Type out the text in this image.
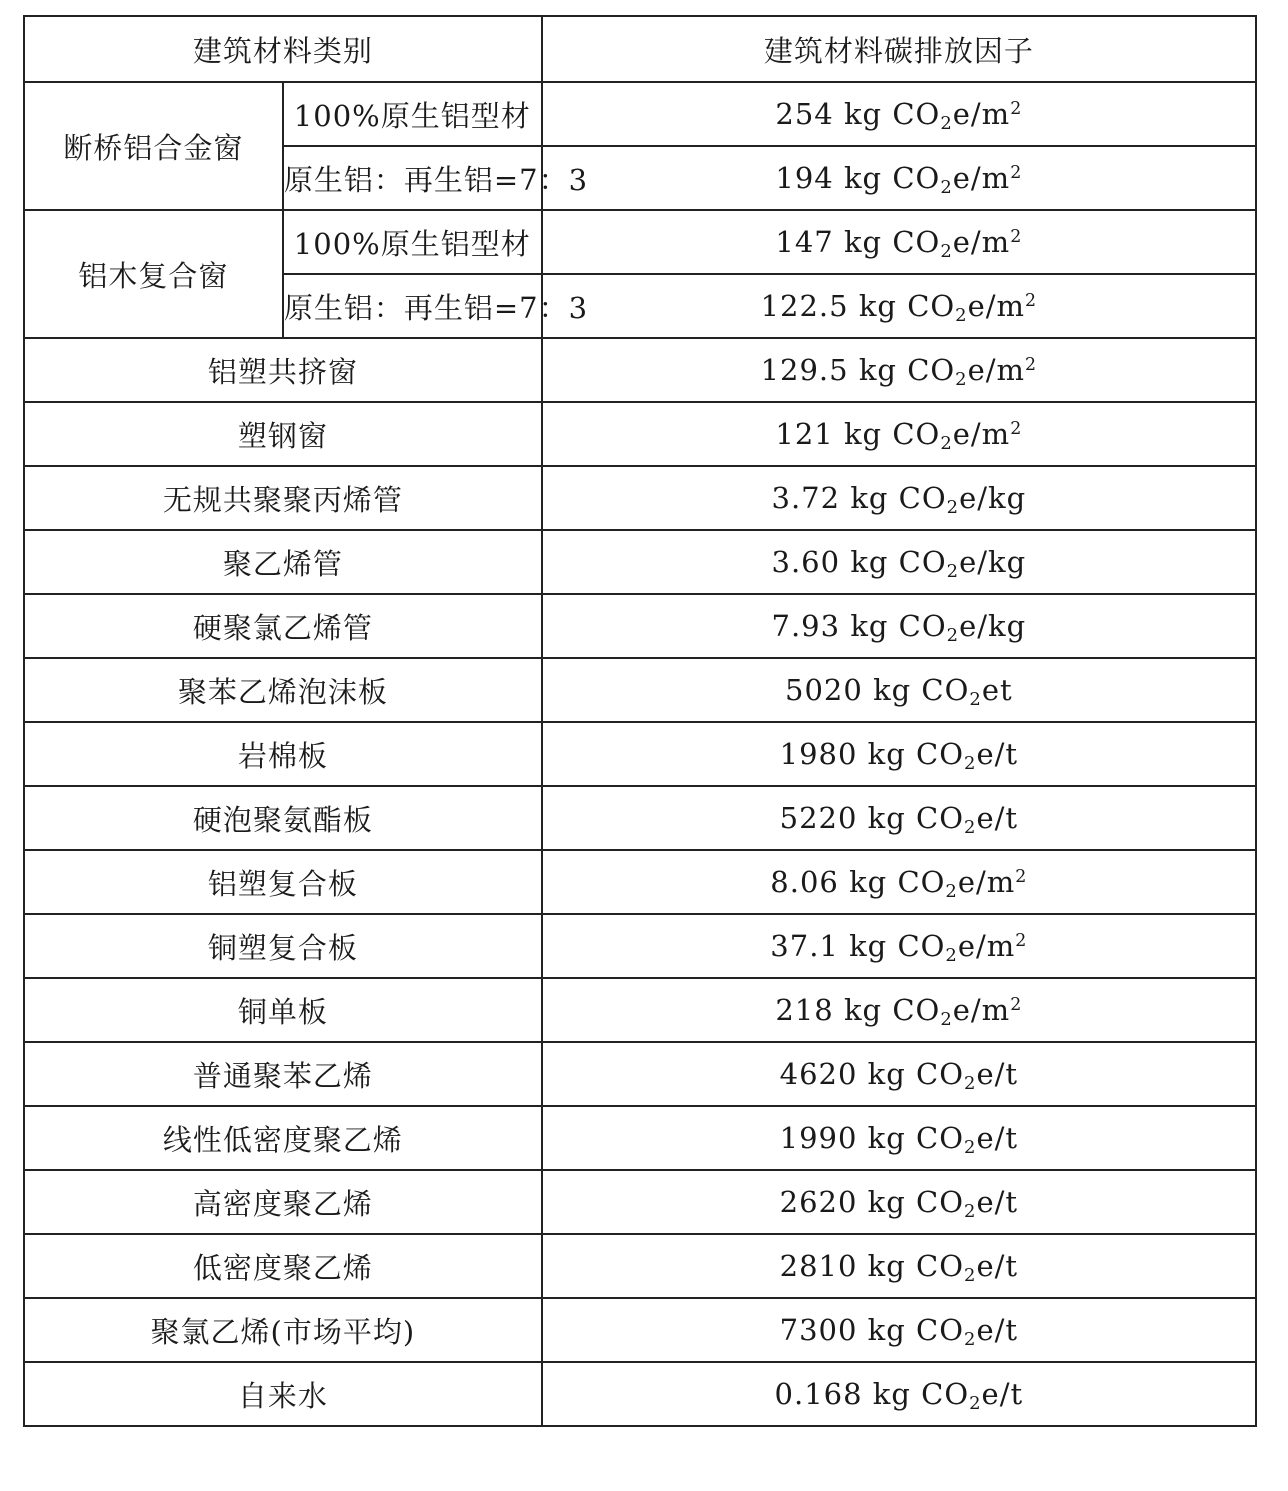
建筑材料类别		建筑材料碳排放因子
断桥铝合金窗	100%原生铝型材	254 kg $CO2e/m^2$
	原生铝：再生铝=7：3	194 kg $CO2e/m^2$
铝木复合窗	100%原生铝型材	147 kg $CO2e/m^2$
	原生铝：再生铝=7：3	122.5 kg $CO2e/m^2$
铝塑共挤窗		129.5 kg $CO2e/m^2$
塑钢窗		121 kg $CO2e/m^2$
无规共聚聚丙烯管		3.72 kg CO2e/kg
聚乙烯管		3.60 kg CO2e/kg
硬聚氯乙烯管		7.93 kg CO2e/kg
聚苯乙烯泡沫板		5020 kg CO2et
岩棉板		1980 kg CO2e/t
硬泡聚氨酯板		5220 kg CO2e/t
铝塑复合板		8.06 kg $CO2e/m^2$
铜塑复合板		37.1 kg $CO2e/m^2$
铜单板		218 kg $CO2e/m^2$
普通聚苯乙烯		4620 kg CO2e/t
线性低密度聚乙烯		1990 kg CO2e/t
高密度聚乙烯		2620 kg CO2e/t
低密度聚乙烯		2810 kg CO2e/t
聚氯乙烯(市场平均)		7300 kg CO2e/t
自来水		0.168 kg CO2e/t
